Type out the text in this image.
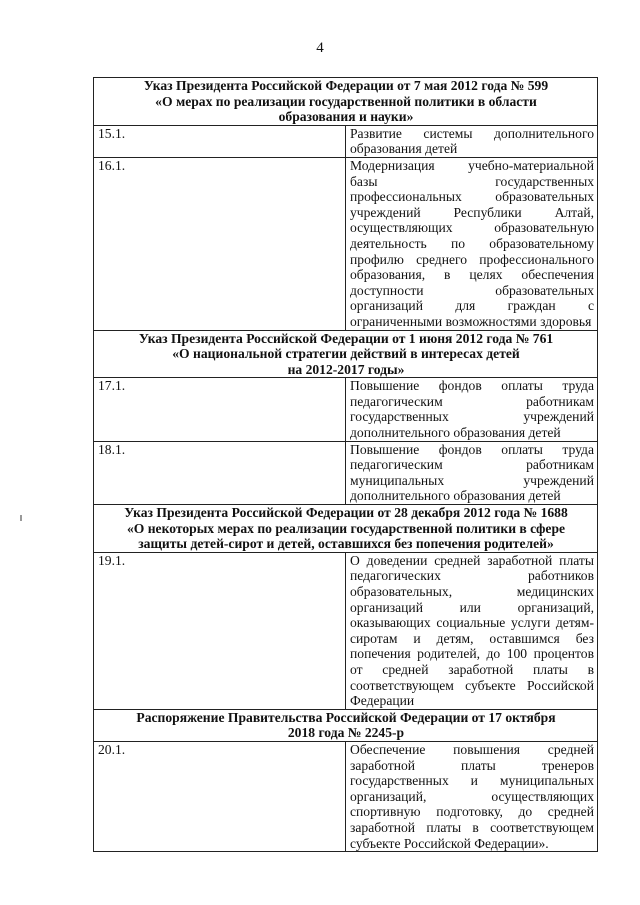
4
Указ Президента Российской Федерации от 7 мая 2012 года № 599
«О мерах по реализации государственной политики в области
образования и науки»	

15.1.	Развитие системы дополнительного образования детей
16.1.	Модернизация учебно-материальной базы государственных профессиональных образовательных учреждений Республики Алтай, осуществляющих образовательную деятельность по образовательному профилю среднего профессионального образования, в целях обеспечения доступности образовательных организаций для граждан с ограниченными возможностями здоровья

Указ Президента Российской Федерации от 1 июня 2012 года № 761
«О национальной стратегии действий в интересах детей
на 2012-2017 годы»	

17.1.	Повышение фондов оплаты труда педагогическим работникам государственных учреждений дополнительного образования детей
18.1.	Повышение фондов оплаты труда педагогическим работникам муниципальных учреждений дополнительного образования детей

Указ Президента Российской Федерации от 28 декабря 2012 года № 1688
«О некоторых мерах по реализации государственной политики в сфере
защиты детей-сирот и детей, оставшихся без попечения родителей»	

19.1.	О доведении средней заработной платы педагогических работников образовательных, медицинских организаций или организаций, оказывающих социальные услуги детям-сиротам и детям, оставшимся без попечения родителей, до 100 процентов от средней заработной платы в соответствующем субъекте Российской Федерации

Распоряжение Правительства Российской Федерации от 17 октября
2018 года № 2245-р	

20.1.	Обеспечение повышения средней заработной платы тренеров государственных и муниципальных организаций, осуществляющих спортивную подготовку, до средней заработной платы в соответствующем субъекте Российской Федерации».
